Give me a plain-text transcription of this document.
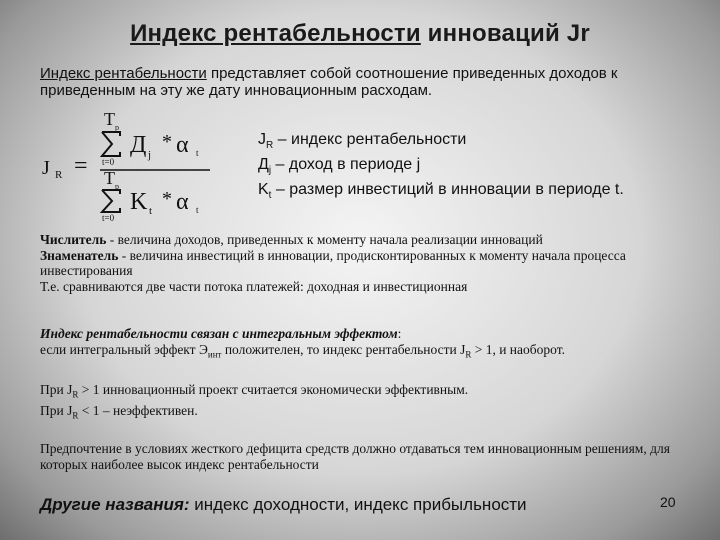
Индекс рентабельности инноваций Jr
Индекс рентабельности представляет собой соотношение приведенных доходов к приведенным на эту же дату инновационным расходам.
J R =
T р
t=0
Д j
* α t
T р
t=0
K t
* α t
$J_R$ – индекс рентабельности
$Д_j$ – доход в периоде j
$K_t$ – размер инвестиций в инновации в периоде t.
Числитель - величина доходов, приведенных к моменту начала реализации инноваций
Знаменатель - величина инвестиций в инновации, продисконтированных к моменту начала процесса инвестирования
Т.е. сравниваются две части потока платежей: доходная и инвестиционная
Индекс рентабельности связан с интегральным эффектом:
если интегральный эффект $Э_{инт}$ положителен, то индекс рентабельности $J_R > 1$, и наоборот.
При $J_R > 1$ инновационный проект считается экономически эффективным.
При $J_R < 1$ – неэффективен.
Предпочтение в условиях жесткого дефицита средств должно отдаваться тем инновационным решениям, для которых наиболее высок индекс рентабельности
Другие названия: индекс доходности, индекс прибыльности	20
